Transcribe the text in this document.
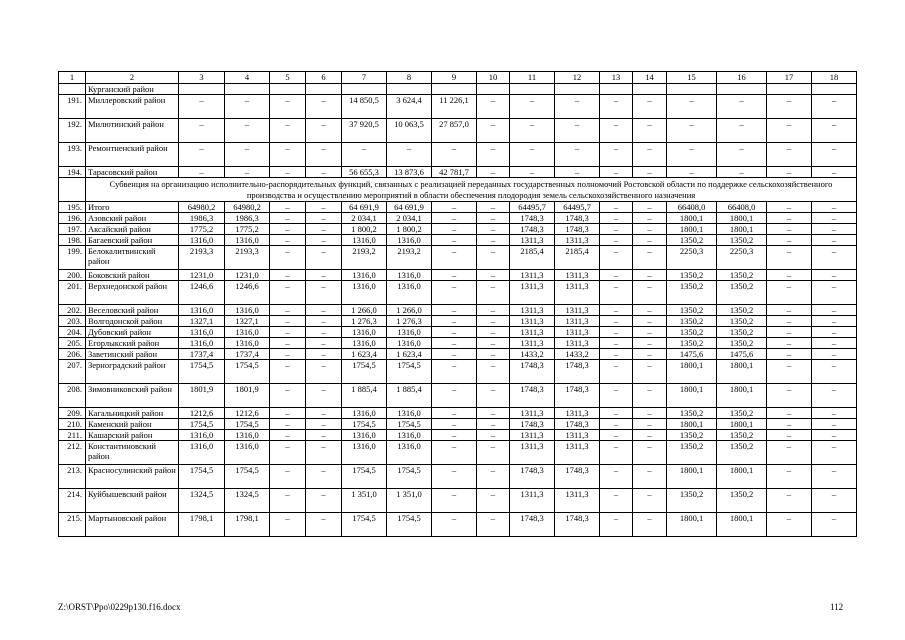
1	2	3	4	5	6	7	8	9	10	11	12	13	14	15	16	17	18
	Курганский район																
191.	Миллеровский район	–	–	–	–	14 850,5	3 624,4	11 226,1	–	–	–	–	–	–	–	–	–
192.	Милютинский район	–	–	–	–	37 920,5	10 063,5	27 857,0	–	–	–	–	–	–	–	–	–
193.	Ремонтненский район	–	–	–	–	–	–	–	–	–	–	–	–	–	–	–	–
194.	Тарасовский район	–	–	–	–	56 655,3	13 873,6	42 781,7	–	–	–	–	–	–	–	–	–
	Субвенция на организацию исполнительно-распорядительных функций, связанных с реализацией переданных государственных полномочий Ростовской области по поддержке сельскохозяйственного производства и осуществлению мероприятий в области обеспечения плодородия земель сельскохозяйственного назначения																
195.	Итого	64980,2	64980,2	–	–	64 691,9	64 691,9	–	–	64495,7	64495,7	–	–	66408,0	66408,0	–	–
196.	Азовский район	1986,3	1986,3	–	–	2 034,1	2 034,1	–	–	1748,3	1748,3	–	–	1800,1	1800,1	–	–
197.	Аксайский район	1775,2	1775,2	–	–	1 800,2	1 800,2	–	–	1748,3	1748,3	–	–	1800,1	1800,1	–	–
198.	Багаевский район	1316,0	1316,0	–	–	1316,0	1316,0	–	–	1311,3	1311,3	–	–	1350,2	1350,2	–	–
199.	Белокалитвинский район	2193,3	2193,3	–	–	2193,2	2193,2	–	–	2185,4	2185,4	–	–	2250,3	2250,3	–	–
200.	Боковский район	1231,0	1231,0	–	–	1316,0	1316,0	–	–	1311,3	1311,3	–	–	1350,2	1350,2	–	–
201.	Верхнедонской район	1246,6	1246,6	–	–	1316,0	1316,0	–	–	1311,3	1311,3	–	–	1350,2	1350,2	–	–
202.	Веселовский район	1316,0	1316,0	–	–	1 266,0	1 266,0	–	–	1311,3	1311,3	–	–	1350,2	1350,2	–	–
203.	Волгодонской район	1327,1	1327,1	–	–	1 276,3	1 276,3	–	–	1311,3	1311,3	–	–	1350,2	1350,2	–	–
204.	Дубовский район	1316,0	1316,0	–	–	1316,0	1316,0	–	–	1311,3	1311,3	–	–	1350,2	1350,2	–	–
205.	Егорлыкский район	1316,0	1316,0	–	–	1316,0	1316,0	–	–	1311,3	1311,3	–	–	1350,2	1350,2	–	–
206.	Заветинский район	1737,4	1737,4	–	–	1 623,4	1 623,4	–	–	1433,2	1433,2	–	–	1475,6	1475,6	–	–
207.	Зерноградский район	1754,5	1754,5	–	–	1754,5	1754,5	–	–	1748,3	1748,3	–	–	1800,1	1800,1	–	–
208.	Зимовниковский район	1801,9	1801,9	–	–	1 885,4	1 885,4	–	–	1748,3	1748,3	–	–	1800,1	1800,1	–	–
209.	Кагальницкий район	1212,6	1212,6	–	–	1316,0	1316,0	–	–	1311,3	1311,3	–	–	1350,2	1350,2	–	–
210.	Каменский район	1754,5	1754,5	–	–	1754,5	1754,5	–	–	1748,3	1748,3	–	–	1800,1	1800,1	–	–
211.	Кашарский район	1316,0	1316,0	–	–	1316,0	1316,0	–	–	1311,3	1311,3	–	–	1350,2	1350,2	–	–
212.	Константиновский район	1316,0	1316,0	–	–	1316,0	1316,0	–	–	1311,3	1311,3	–	–	1350,2	1350,2	–	–
213.	Красносулинский район	1754,5	1754,5	–	–	1754,5	1754,5	–	–	1748,3	1748,3	–	–	1800,1	1800,1	–	–
214.	Куйбышевский район	1324,5	1324,5	–	–	1 351,0	1 351,0	–	–	1311,3	1311,3	–	–	1350,2	1350,2	–	–
215.	Мартыновский район	1798,1	1798,1	–	–	1754,5	1754,5	–	–	1748,3	1748,3	–	–	1800,1	1800,1	–	–
Z:\ORST\Ppo\0229p130.f16.docx	112
